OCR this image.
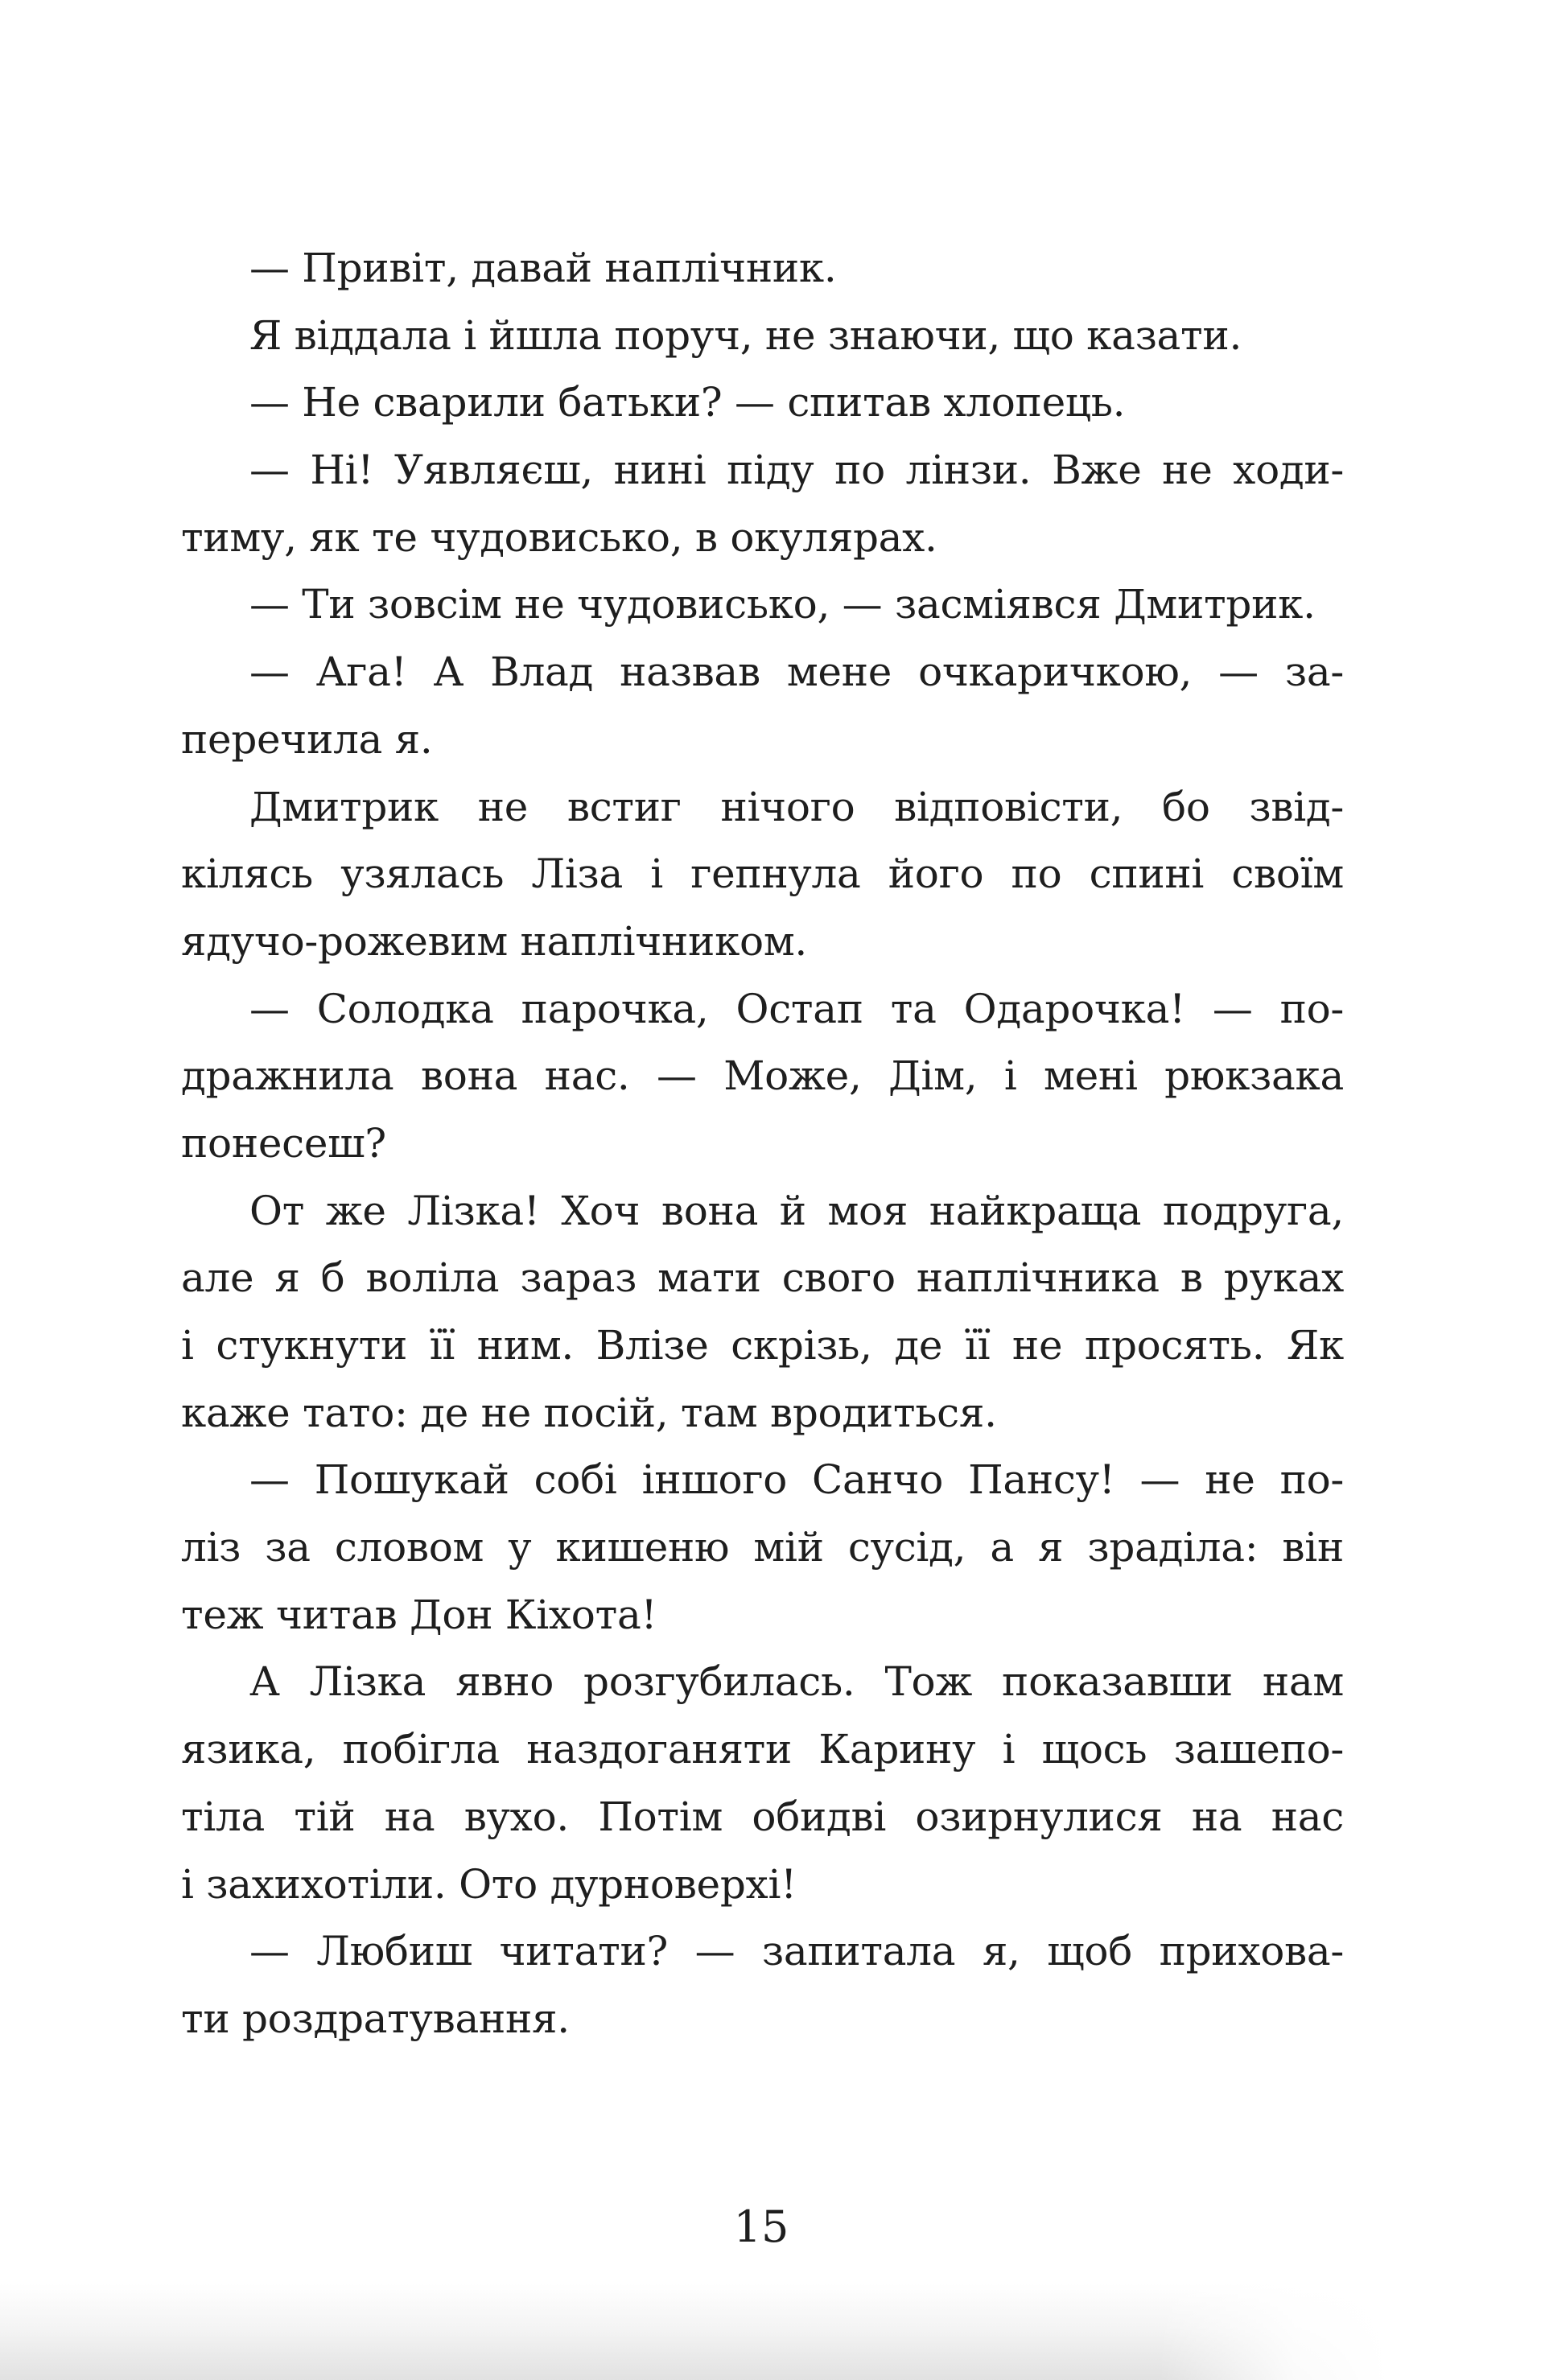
— Привіт, давай наплічник.
Я віддала і йшла поруч, не знаючи, що казати.
— Не сварили батьки? — спитав хлопець.
— Ні! Уявляєш, нині піду по лінзи. Вже не ходи-
тиму, як те чудовисько, в окулярах.
— Ти зовсім не чудовисько, — засміявся Дмитрик.
— Ага! А Влад назвав мене очкаричкою, — за-
перечила я.
Дмитрик не встиг нічого відповісти, бо звід-
кілясь узялась Ліза і гепнула його по спині своїм
ядучо-рожевим наплічником.
— Солодка парочка, Остап та Одарочка! — по-
дражнила вона нас. — Може, Дім, і мені рюкзака
понесеш?
От же Лізка! Хоч вона й моя найкраща подруга,
але я б воліла зараз мати свого наплічника в руках
і стукнути її ним. Влізе скрізь, де її не просять. Як
каже тато: де не посій, там вродиться.
— Пошукай собі іншого Санчо Пансу! — не по-
ліз за словом у кишеню мій сусід, а я зраділа: він
теж читав Дон Кіхота!
А Лізка явно розгубилась. Тож показавши нам
язика, побігла наздоганяти Карину і щось зашепо-
тіла тій на вухо. Потім обидві озирнулися на нас
і захихотіли. Ото дурноверхі!
— Любиш читати? — запитала я, щоб прихова-
ти роздратування.
15
